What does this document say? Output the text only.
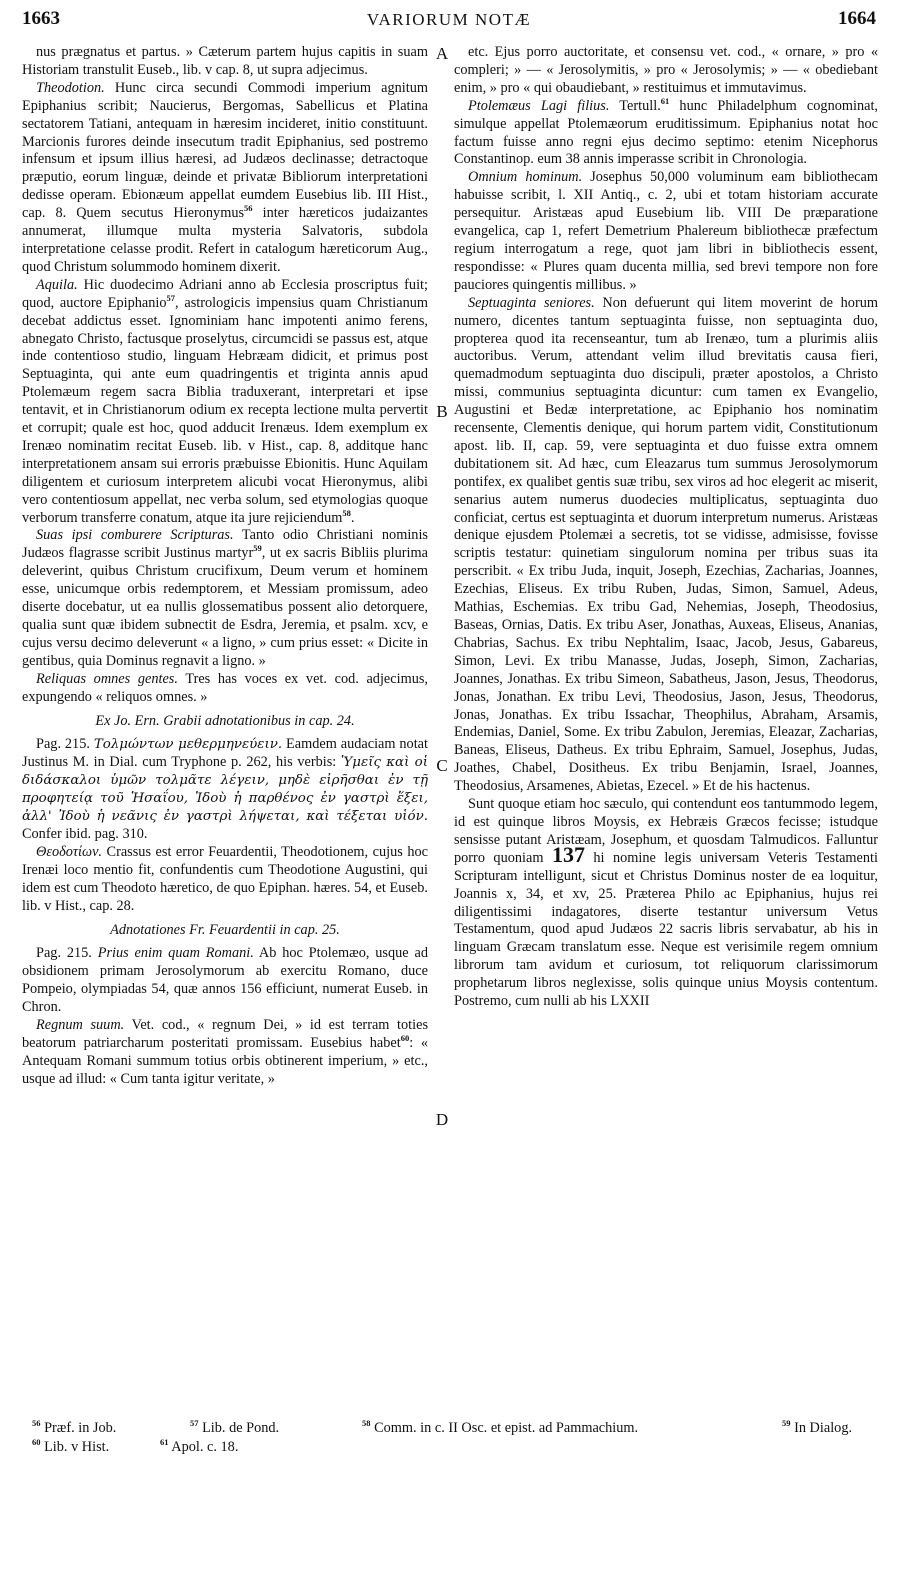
1663	VARIORUM NOTÆ	1664

nus prægnatus et partus. » Cæterum partem hujus capitis in suam Historiam transtulit Euseb., lib. v cap. 8, ut supra adjecimus.

Theodotion. Hunc circa secundi Commodi imperium agnitum Epiphanius scribit; Naucierus, Bergomas, Sabellicus et Platina sectatorem Tatiani, antequam in hæresim incideret, initio constituunt. Marcionis furores deinde insecutum tradit Epiphanius, sed postremo infensum et ipsum illius hæresi, ad Judæos declinasse; detractoque præputio, eorum linguæ, deinde et privatæ Bibliorum interpretationi dedisse operam. Ebionæum appellat eumdem Eusebius lib. III Hist., cap. 8. Quem secutus Hieronymus$^{56}$ inter hæreticos judaizantes annumerat, illumque multa mysteria Salvatoris, subdola interpretatione celasse prodit. Refert in catalogum hæreticorum Aug., quod Christum solummodo hominem dixerit.

Aquila. Hic duodecimo Adriani anno ab Ecclesia proscriptus fuit; quod, auctore Epiphanio$^{57}$, astrologicis impensius quam Christianum decebat addictus esset. Ignominiam hanc impotenti animo ferens, abnegato Christo, factusque proselytus, circumcidi se passus est, atque inde contentioso studio, linguam Hebræam didicit, et primus post Septuaginta, qui ante eum quadringentis et triginta annis apud Ptolemæum regem sacra Biblia traduxerant, interpretari et ipse tentavit, et in Christianorum odium ex recepta lectione multa pervertit et corrupit; quale est hoc, quod adducit Irenæus. Idem exemplum ex Irenæo nominatim recitat Euseb. lib. v Hist., cap. 8, additque hanc interpretationem ansam sui erroris præbuisse Ebionitis. Hunc Aquilam diligentem et curiosum interpretem alicubi vocat Hieronymus, alibi vero contentiosum appellat, nec verba solum, sed etymologias quoque verborum transferre conatum, atque ita jure rejiciendum$^{58}$.

Suas ipsi comburere Scripturas. Tanto odio Christiani nominis Judæos flagrasse scribit Justinus martyr$^{59}$, ut ex sacris Bibliis plurima deleverint, quibus Christum crucifixum, Deum verum et hominem esse, unicumque orbis redemptorem, et Messiam promissum, adeo diserte docebatur, ut ea nullis glossematibus possent alio detorquere, qualia sunt quæ ibidem subnectit de Esdra, Jeremia, et psalm. xcv, e cujus versu decimo deleverunt « a ligno, » cum prius esset: « Dicite in gentibus, quia Dominus regnavit a ligno. »

Reliquas omnes gentes. Tres has voces ex vet. cod. adjecimus, expungendo « reliquos omnes. »

Ex Jo. Ern. Grabii adnotationibus in cap. 24.

Pag. 215. Τολμώντων μεθερμηνεύειν. Eamdem audaciam notat Justinus M. in Dial. cum Tryphone p. 262, his verbis: Ὑμεῖς καὶ οἱ διδάσκαλοι ὑμῶν τολμᾶτε λέγειν, μηδὲ εἰρῆσθαι ἐν τῇ προφητείᾳ τοῦ Ἡσαΐου, Ἰδοὺ ἡ παρθένος ἐν γαστρὶ ἕξει, ἀλλ' Ἰδοὺ ἡ νεᾶνις ἐν γαστρὶ λήψεται, καὶ τέξεται υἱόν. Confer ibid. pag. 310.

Θεοδοτίων. Crassus est error Feuardentii, Theodotionem, cujus hoc Irenæi loco mentio fit, confundentis cum Theodotione Augustini, qui idem est cum Theodoto hæretico, de quo Epiphan. hæres. 54, et Euseb. lib. v Hist., cap. 28.

Adnotationes Fr. Feuardentii in cap. 25.

Pag. 215. Prius enim quam Romani. Ab hoc Ptolemæo, usque ad obsidionem primam Jerosolymorum ab exercitu Romano, duce Pompeio, olympiadas 54, quæ annos 156 efficiunt, numerat Euseb. in Chron.

Regnum suum. Vet. cod., « regnum Dei, » id est terram toties beatorum patriarcharum posteritati promissam. Eusebius habet$^{60}$: « Antequam Romani summum totius orbis obtinerent imperium, » etc., usque ad illud: « Cum tanta igitur veritate, »

etc. Ejus porro auctoritate, et consensu vet. cod., « ornare, » pro « compleri; » — « Jerosolymitis, » pro « Jerosolymis; » — « obediebant enim, » pro « qui obaudiebant, » restituimus et immutavimus.

Ptolemæus Lagi filius. Tertull.$^{61}$ hunc Philadelphum cognominat, simulque appellat Ptolemæorum eruditissimum. Epiphanius notat hoc factum fuisse anno regni ejus decimo septimo: etenim Nicephorus Constantinop. eum 38 annis imperasse scribit in Chronologia.

Omnium hominum. Josephus 50,000 voluminum eam bibliothecam habuisse scribit, l. XII Antiq., c. 2, ubi et totam historiam accurate persequitur. Aristæas apud Eusebium lib. VIII De præparatione evangelica, cap 1, refert Demetrium Phalereum bibliothecæ præfectum regium interrogatum a rege, quot jam libri in bibliothecis essent, respondisse: « Plures quam ducenta millia, sed brevi tempore non fore pauciores quingentis millibus. »

Septuaginta seniores. Non defuerunt qui litem moverint de horum numero, dicentes tantum septuaginta fuisse, non septuaginta duo, propterea quod ita recenseantur, tum ab Irenæo, tum a plurimis aliis auctoribus. Verum, attendant velim illud brevitatis causa fieri, quemadmodum septuaginta duo discipuli, præter apostolos, a Christo missi, communius septuaginta dicuntur: cum tamen ex Evangelio, Augustini et Bedæ interpretatione, ac Epiphanio hos nominatim recensente, Clementis denique, qui horum partem vidit, Constitutionum apost. lib. II, cap. 59, vere septuaginta et duo fuisse extra omnem dubitationem sit. Ad hæc, cum Eleazarus tum summus Jerosolymorum pontifex, ex qualibet gentis suæ tribu, sex viros ad hoc elegerit ac miserit, senarius autem numerus duodecies multiplicatus, septuaginta duo conficiat, certus est septuaginta et duorum interpretum numerus. Aristæas denique ejusdem Ptolemæi a secretis, tot se vidisse, admisisse, fovisse scriptis testatur: quinetiam singulorum nomina per tribus suas ita perscribit. « Ex tribu Juda, inquit, Joseph, Ezechias, Zacharias, Joannes, Ezechias, Eliseus. Ex tribu Ruben, Judas, Simon, Samuel, Adeus, Mathias, Eschemias. Ex tribu Gad, Nehemias, Joseph, Theodosius, Baseas, Ornias, Datis. Ex tribu Aser, Jonathas, Auxeas, Eliseus, Ananias, Chabrias, Sachus. Ex tribu Nephtalim, Isaac, Jacob, Jesus, Gabareus, Simon, Levi. Ex tribu Manasse, Judas, Joseph, Simon, Zacharias, Joannes, Jonathas. Ex tribu Simeon, Sabatheus, Jason, Jesus, Theodorus, Jonas, Jonathan. Ex tribu Levi, Theodosius, Jason, Jesus, Theodorus, Jonas, Jonathas. Ex tribu Issachar, Theophilus, Abraham, Arsamis, Endemias, Daniel, Some. Ex tribu Zabulon, Jeremias, Eleazar, Zacharias, Baneas, Eliseus, Datheus. Ex tribu Ephraim, Samuel, Josephus, Judas, Joathes, Chabel, Dositheus. Ex tribu Benjamin, Israel, Joannes, Theodosius, Arsamenes, Abietas, Ezecel. » Et de his hactenus.

Sunt quoque etiam hoc sæculo, qui contendunt eos tantummodo legem, id est quinque libros Moysis, ex Hebræis Græcos fecisse; istudque sensisse putant Aristæam, Josephum, et quosdam Talmudicos. Falluntur porro quoniam 137 hi nomine legis universam Veteris Testamenti Scripturam intelligunt, sicut et Christus Dominus noster de ea loquitur, Joannis x, 34, et xv, 25. Præterea Philo ac Epiphanius, hujus rei diligentissimi indagatores, diserte testantur universum Vetus Testamentum, quod apud Judæos 22 sacris libris servabatur, ab his in linguam Græcam translatum esse. Neque est verisimile regem omnium librorum tam avidum et curiosum, tot reliquorum clarissimorum prophetarum libros neglexisse, solis quinque unius Moysis contentum. Postremo, cum nulli ab his LXXII

A
B
C
D
$^{56}$ Præf. in Job.	$^{57}$ Lib. de Pond.	$^{58}$ Comm. in c. II Osc. et epist. ad Pammachium.	$^{59}$ In Dialog.
$^{60}$ Lib. v Hist.	$^{61}$ Apol. c. 18.
